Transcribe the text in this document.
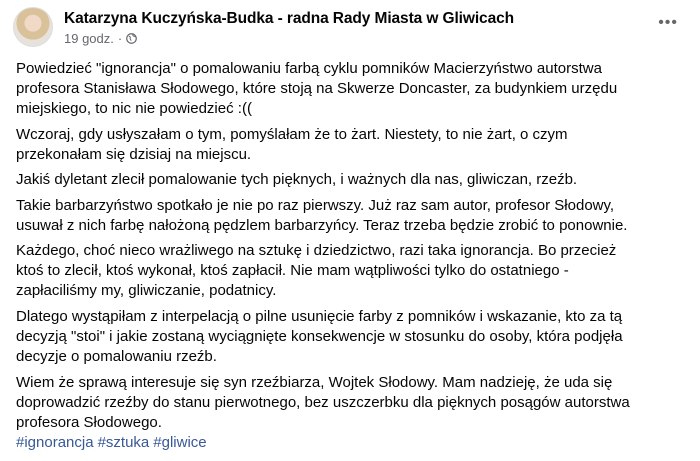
Katarzyna Kuczyńska-Budka - radna Rady Miasta w Gliwicach
19 godz. ·
•••
Powiedzieć "ignorancja" o pomalowaniu farbą cyklu pomników Macierzyństwo autorstwa
profesora Stanisława Słodowego, które stoją na Skwerze Doncaster, za budynkiem urzędu
miejskiego, to nic nie powiedzieć :((
Wczoraj, gdy usłyszałam o tym, pomyślałam że to żart. Niestety, to nie żart, o czym
przekonałam się dzisiaj na miejscu.
Jakiś dyletant zlecił pomalowanie tych pięknych, i ważnych dla nas, gliwiczan, rzeźb.
Takie barbarzyństwo spotkało je nie po raz pierwszy. Już raz sam autor, profesor Słodowy,
usuwał z nich farbę nałożoną pędzlem barbarzyńcy. Teraz trzeba będzie zrobić to ponownie.
Każdego, choć nieco wrażliwego na sztukę i dziedzictwo, razi taka ignorancja. Bo przecież
ktoś to zlecił, ktoś wykonał, ktoś zapłacił. Nie mam wątpliwości tylko do ostatniego -
zapłaciliśmy my, gliwiczanie, podatnicy.
Dlatego wystąpiłam z interpelacją o pilne usunięcie farby z pomników i wskazanie, kto za tą
decyzją "stoi" i jakie zostaną wyciągnięte konsekwencje w stosunku do osoby, która podjęła
decyzje o pomalowaniu rzeźb.
Wiem że sprawą interesuje się syn rzeźbiarza, Wojtek Słodowy. Mam nadzieję, że uda się
doprowadzić rzeźby do stanu pierwotnego, bez uszczerbku dla pięknych posągów autorstwa
profesora Słodowego.
#ignorancja #sztuka #gliwice
